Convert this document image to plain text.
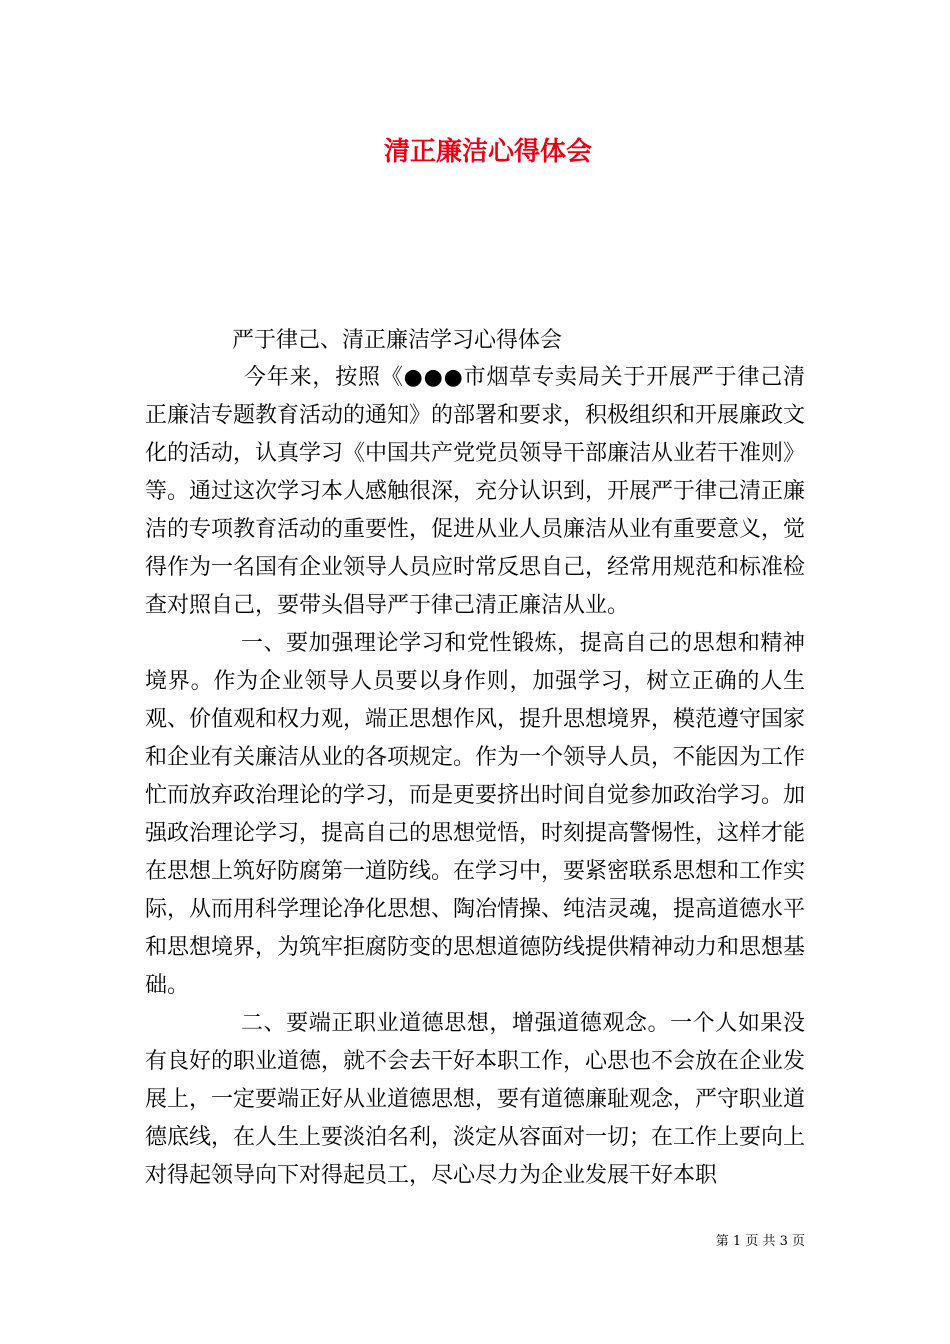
清正廉洁心得体会

严于律己、清正廉洁学习心得体会

今年来，按照《●●●市烟草专卖局关于开展严于律己清正廉洁专题教育活动的通知》的部署和要求，积极组织和开展廉政文化的活动，认真学习《中国共产党党员领导干部廉洁从业若干准则》等。通过这次学习本人感触很深，充分认识到，开展严于律己清正廉洁的专项教育活动的重要性，促进从业人员廉洁从业有重要意义，觉得作为一名国有企业领导人员应时常反思自己，经常用规范和标准检查对照自己，要带头倡导严于律己清正廉洁从业。

一、要加强理论学习和党性锻炼，提高自己的思想和精神境界。作为企业领导人员要以身作则，加强学习，树立正确的人生观、价值观和权力观，端正思想作风，提升思想境界，模范遵守国家和企业有关廉洁从业的各项规定。作为一个领导人员，不能因为工作忙而放弃政治理论的学习，而是更要挤出时间自觉参加政治学习。加强政治理论学习，提高自己的思想觉悟，时刻提高警惕性，这样才能在思想上筑好防腐第一道防线。在学习中，要紧密联系思想和工作实际，从而用科学理论净化思想、陶冶情操、纯洁灵魂，提高道德水平和思想境界，为筑牢拒腐防变的思想道德防线提供精神动力和思想基础。

二、要端正职业道德思想，增强道德观念。一个人如果没有良好的职业道德，就不会去干好本职工作，心思也不会放在企业发展上，一定要端正好从业道德思想，要有道德廉耻观念，严守职业道德底线，在人生上要淡泊名利，淡定从容面对一切；在工作上要向上对得起领导向下对得起员工，尽心尽力为企业发展干好本职

第 1 页 共 3 页
